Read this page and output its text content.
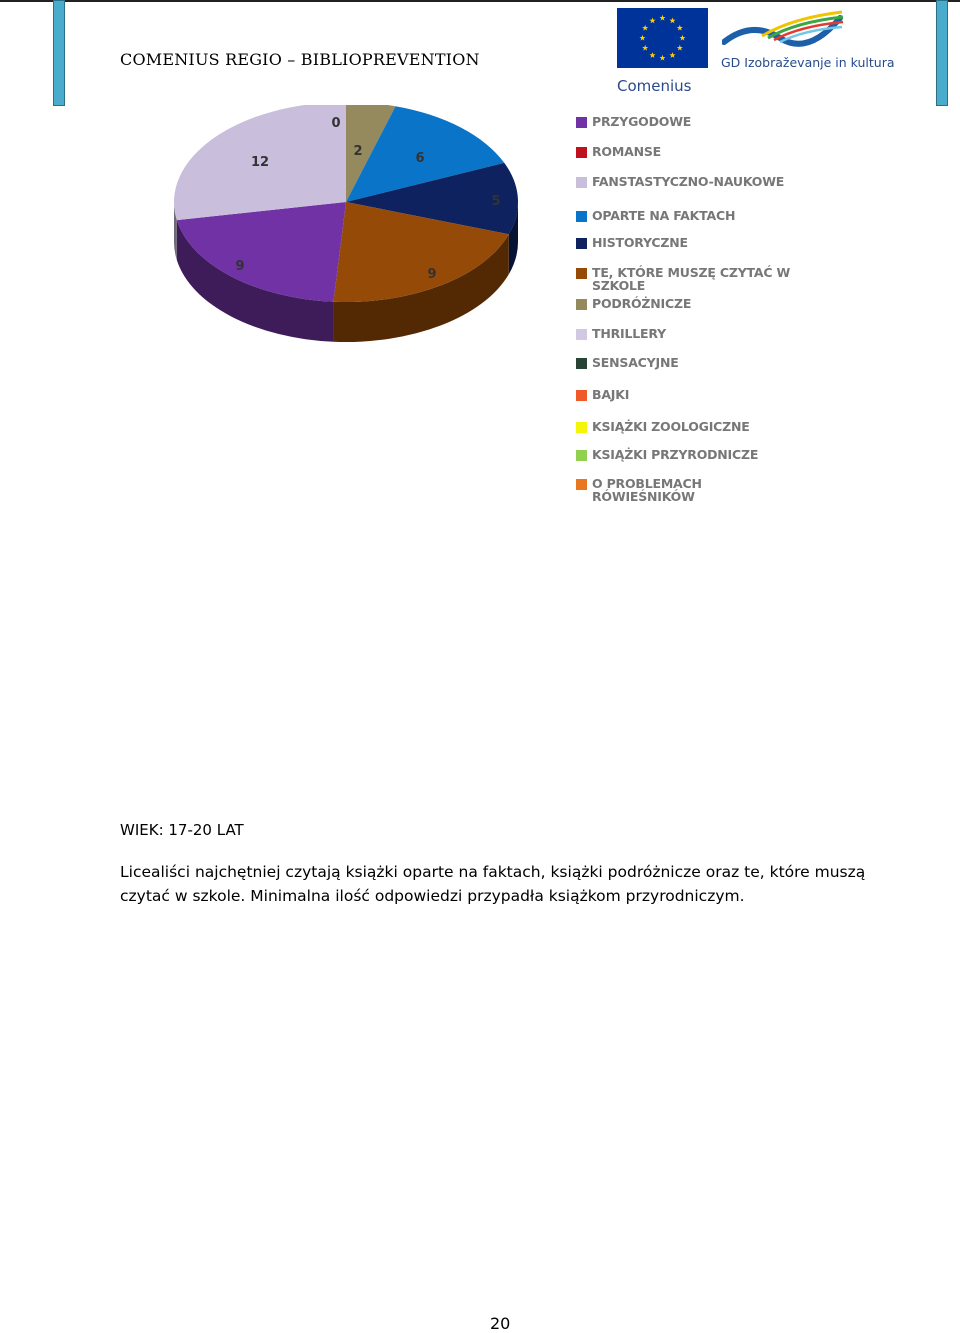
COMENIUS REGIO – BIBLIOPREVENTION
Comenius
GD Izobraževanje in kultura
0
2	6
5
9
9
12
PRZYGODOWE
ROMANSE
FANSTASTYCZNO-NAUKOWE
OPARTE NA FAKTACH
HISTORYCZNE
TE, KTÓRE MUSZĘ CZYTAĆ W SZKOLE
PODRÓŻNICZE
THRILLERY
SENSACYJNE
BAJKI
KSIĄŻKI ZOOLOGICZNE
KSIĄŻKI PRZYRODNICZE
O PROBLEMACH RÓWIEŚNIKÓW
WIEK: 17-20 LAT
Licealiści najchętniej czytają książki oparte na faktach, książki podróżnicze oraz te, które muszą czytać w szkole. Minimalna ilość odpowiedzi przypadła książkom przyrodniczym.
20
